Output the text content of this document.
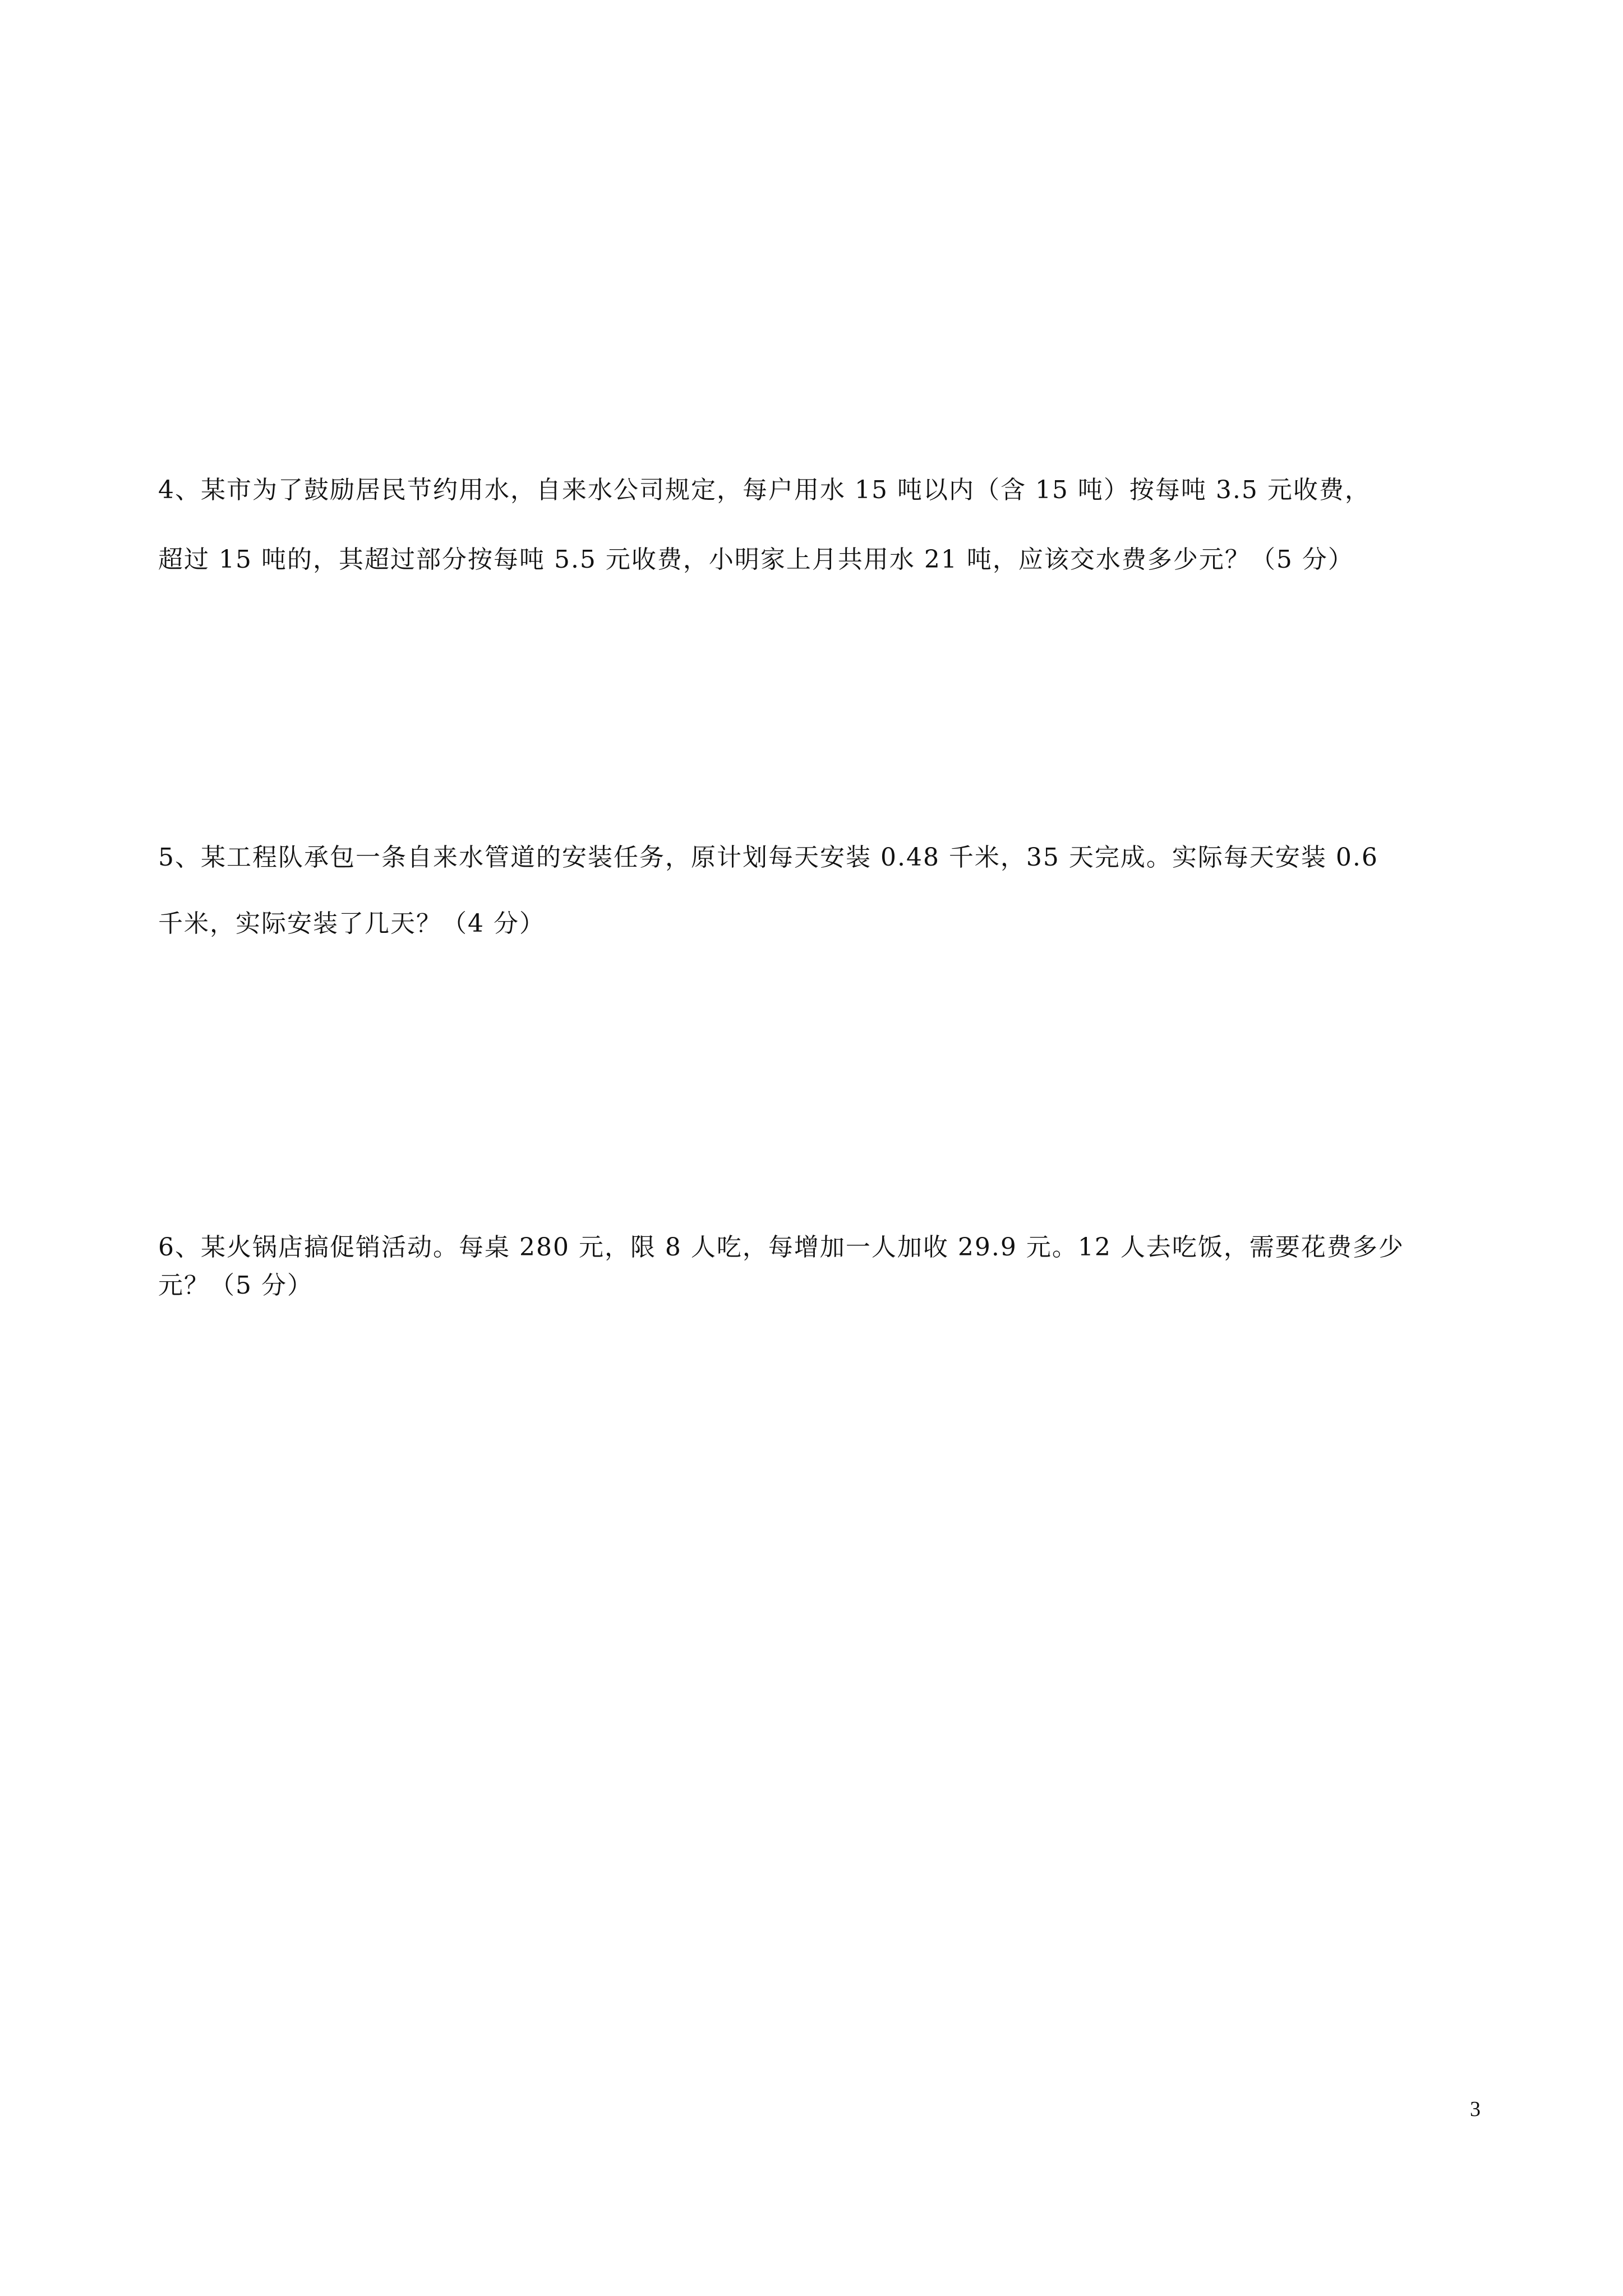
4、某市为了鼓励居民节约用水，自来水公司规定，每户用水 15 吨以内（含 15 吨）按每吨 3.5 元收费，
超过 15 吨的，其超过部分按每吨 5.5 元收费，小明家上月共用水 21 吨，应该交水费多少元？（5 分）

5、某工程队承包一条自来水管道的安装任务，原计划每天安装 0.48 千米，35 天完成。实际每天安装 0.6
千米，实际安装了几天？（4 分）

6、某火锅店搞促销活动。每桌 280 元，限 8 人吃，每增加一人加收 29.9 元。12 人去吃饭，需要花费多少
元？（5 分）

3
